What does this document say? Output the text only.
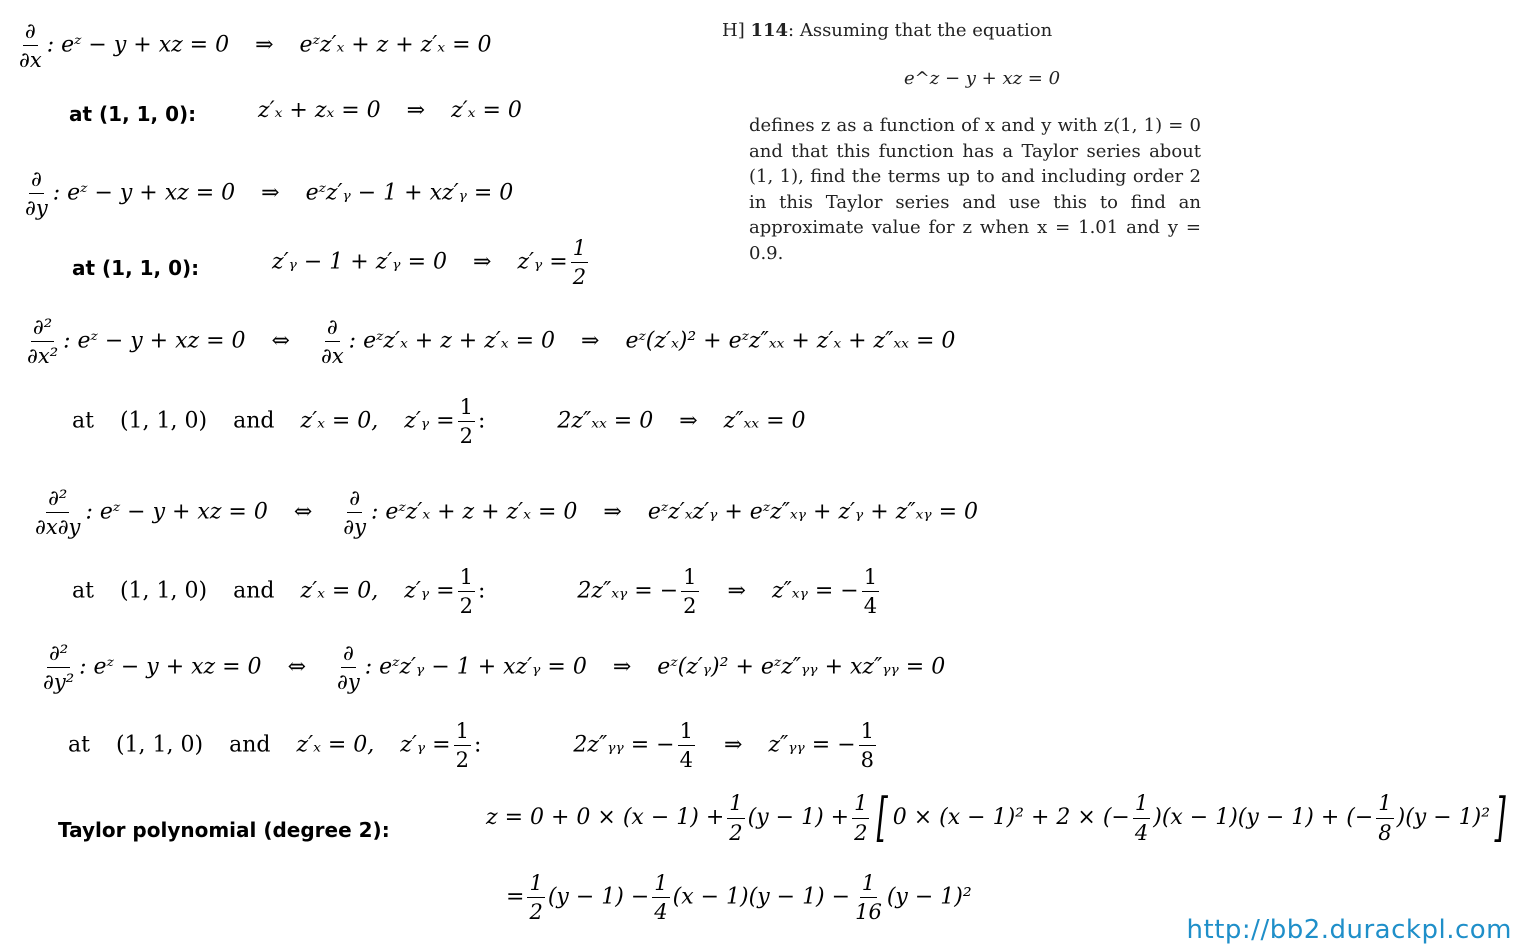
H] 114: Assuming that the equation
e^z − y + xz = 0
defines z as a function of x and y with z(1, 1) = 0 and that this function has a Taylor series about (1, 1), find the terms up to and including order 2 in this Taylor series and use this to find an approximate value for z when x = 1.01 and y = 0.9.
∂
∂x
: eᶻ − y + xz = 0 ⇒ eᶻz′ₓ + z + z′ₓ = 0
at (1, 1, 0):	z′ₓ + zₓ = 0 ⇒ z′ₓ = 0
∂
∂y
: eᶻ − y + xz = 0 ⇒ eᶻz′ᵧ − 1 + xz′ᵧ = 0
at (1, 1, 0):	z′ᵧ − 1 + z′ᵧ = 0 ⇒ z′ᵧ = $\frac{1}{2}$
∂²
∂x²
: eᶻ − y + xz = 0 ⇔
∂
∂x
: eᶻz′ₓ + z + z′ₓ = 0 ⇒ eᶻ(z′ₓ)² + eᶻz″ₓₓ + z′ₓ + z″ₓₓ = 0
at (1, 1, 0) and z′ₓ = 0, z′ᵧ = $\frac{1}{2}$ :	2z″ₓₓ = 0 ⇒ z″ₓₓ = 0
∂²
∂x∂y
: eᶻ − y + xz = 0 ⇔
∂
∂y
: eᶻz′ₓ + z + z′ₓ = 0 ⇒ eᶻz′ₓz′ᵧ + eᶻz″ₓᵧ + z′ᵧ + z″ₓᵧ = 0
at (1, 1, 0) and z′ₓ = 0, z′ᵧ = $\frac{1}{2}$ :	2z″ₓᵧ = − $\frac{1}{2}$ ⇒ z″ₓᵧ = − $\frac{1}{4}$
∂²
∂y²
: eᶻ − y + xz = 0 ⇔
∂
∂y
: eᶻz′ᵧ − 1 + xz′ᵧ = 0 ⇒ eᶻ(z′ᵧ)² + eᶻz″ᵧᵧ + xz″ᵧᵧ = 0
at (1, 1, 0) and z′ₓ = 0, z′ᵧ = $\frac{1}{2}$ :	2z″ᵧᵧ = − $\frac{1}{4}$ ⇒ z″ᵧᵧ = − $\frac{1}{8}$
Taylor polynomial (degree 2):	$z = 0 + 0 \times (x - 1) + \frac{1}{2} (y - 1) + \frac{1}{2}$ [ 0 × (x − 1)² + 2 × (− $\frac{1}{4} )(x - 1)(y - 1)$ + (− $\frac{1}{8} )(y - 1)^2$]
= $\frac{1}{2} (y - 1) - \frac{1}{4} (x - 1)(y - 1) - \frac{1}{16} (y - 1)^2$
http://bb2.durackpl.com
